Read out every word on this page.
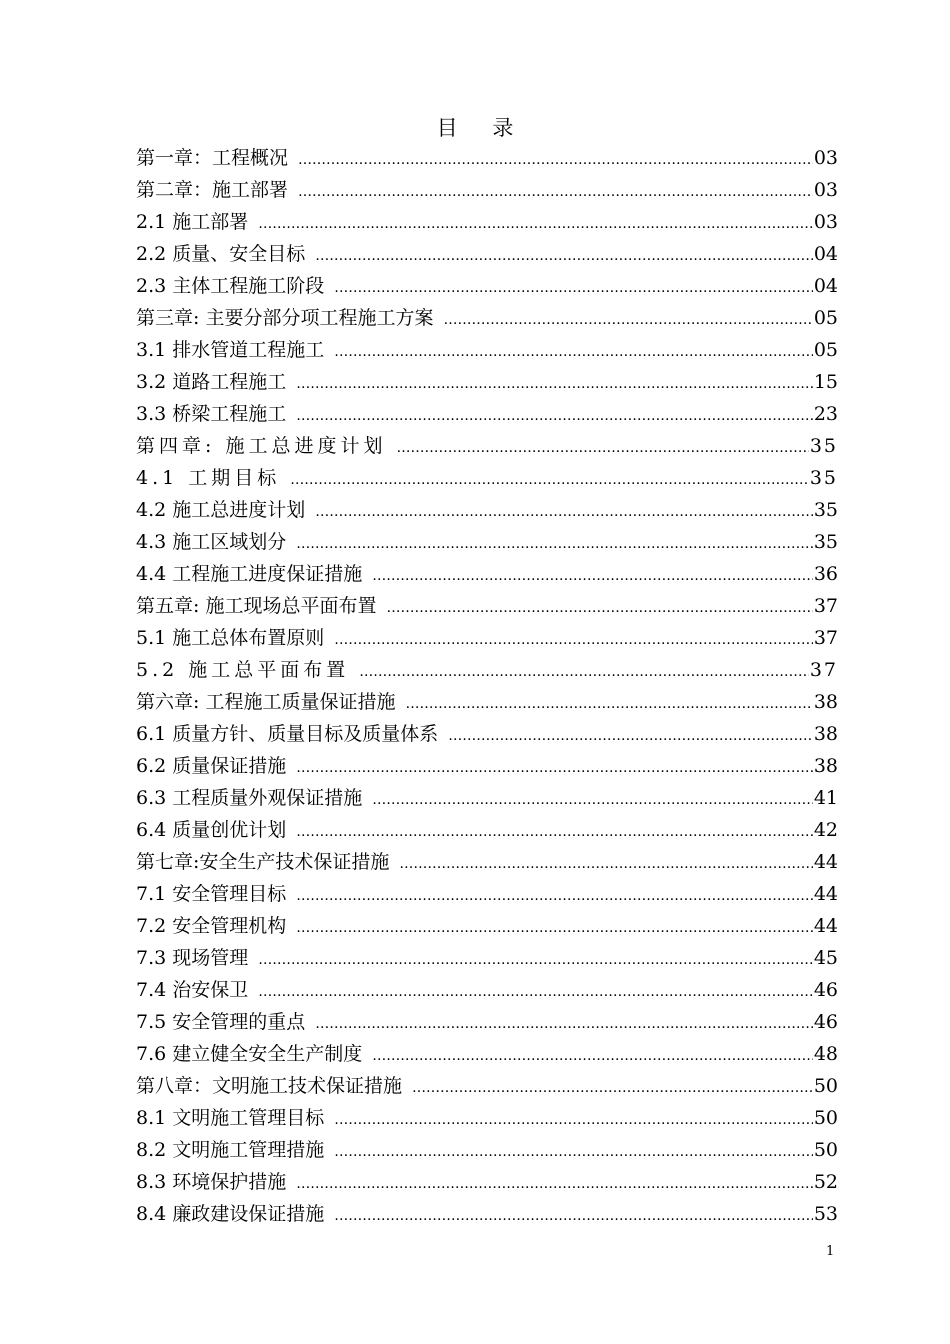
目 录
第一章：工程概况 ……………………………………………………………………………………………………………………………………………………………………………………………………	03
第二章：施工部署 ……………………………………………………………………………………………………………………………………………………………………………………………………	03
2.1 施工部署 ……………………………………………………………………………………………………………………………………………………………………………………………………	03
2.2 质量、安全目标 ……………………………………………………………………………………………………………………………………………………………………………………………………	04
2.3 主体工程施工阶段 ……………………………………………………………………………………………………………………………………………………………………………………………………	04
第三章: 主要分部分项工程施工方案 ……………………………………………………………………………………………………………………………………………………………………………………………………	05
3.1 排水管道工程施工 ……………………………………………………………………………………………………………………………………………………………………………………………………	05
3.2 道路工程施工 ……………………………………………………………………………………………………………………………………………………………………………………………………	15
3.3 桥梁工程施工 ……………………………………………………………………………………………………………………………………………………………………………………………………	23
第四章: 施工总进度计划 ……………………………………………………………………………………………………………………………………………………………………………………………………	35
4.1 工期目标 ……………………………………………………………………………………………………………………………………………………………………………………………………	35
4.2 施工总进度计划 ……………………………………………………………………………………………………………………………………………………………………………………………………	35
4.3 施工区域划分 ……………………………………………………………………………………………………………………………………………………………………………………………………	35
4.4 工程施工进度保证措施 ……………………………………………………………………………………………………………………………………………………………………………………………………	36
第五章: 施工现场总平面布置 ……………………………………………………………………………………………………………………………………………………………………………………………………	37
5.1 施工总体布置原则 ……………………………………………………………………………………………………………………………………………………………………………………………………	37
5.2 施工总平面布置 ……………………………………………………………………………………………………………………………………………………………………………………………………	37
第六章: 工程施工质量保证措施 ……………………………………………………………………………………………………………………………………………………………………………………………………	38
6.1 质量方针、质量目标及质量体系 ……………………………………………………………………………………………………………………………………………………………………………………………………	38
6.2 质量保证措施 ……………………………………………………………………………………………………………………………………………………………………………………………………	38
6.3 工程质量外观保证措施 ……………………………………………………………………………………………………………………………………………………………………………………………………	41
6.4 质量创优计划 ……………………………………………………………………………………………………………………………………………………………………………………………………	42
第七章:安全生产技术保证措施 ……………………………………………………………………………………………………………………………………………………………………………………………………	44
7.1 安全管理目标 ……………………………………………………………………………………………………………………………………………………………………………………………………	44
7.2 安全管理机构 ……………………………………………………………………………………………………………………………………………………………………………………………………	44
7.3 现场管理 ……………………………………………………………………………………………………………………………………………………………………………………………………	45
7.4 治安保卫 ……………………………………………………………………………………………………………………………………………………………………………………………………	46
7.5 安全管理的重点 ……………………………………………………………………………………………………………………………………………………………………………………………………	46
7.6 建立健全安全生产制度 ……………………………………………………………………………………………………………………………………………………………………………………………………	48
第八章：文明施工技术保证措施 ……………………………………………………………………………………………………………………………………………………………………………………………………	50
8.1 文明施工管理目标 ……………………………………………………………………………………………………………………………………………………………………………………………………	50
8.2 文明施工管理措施 ……………………………………………………………………………………………………………………………………………………………………………………………………	50
8.3 环境保护措施 ……………………………………………………………………………………………………………………………………………………………………………………………………	52
8.4 廉政建设保证措施 ……………………………………………………………………………………………………………………………………………………………………………………………………	53
1
